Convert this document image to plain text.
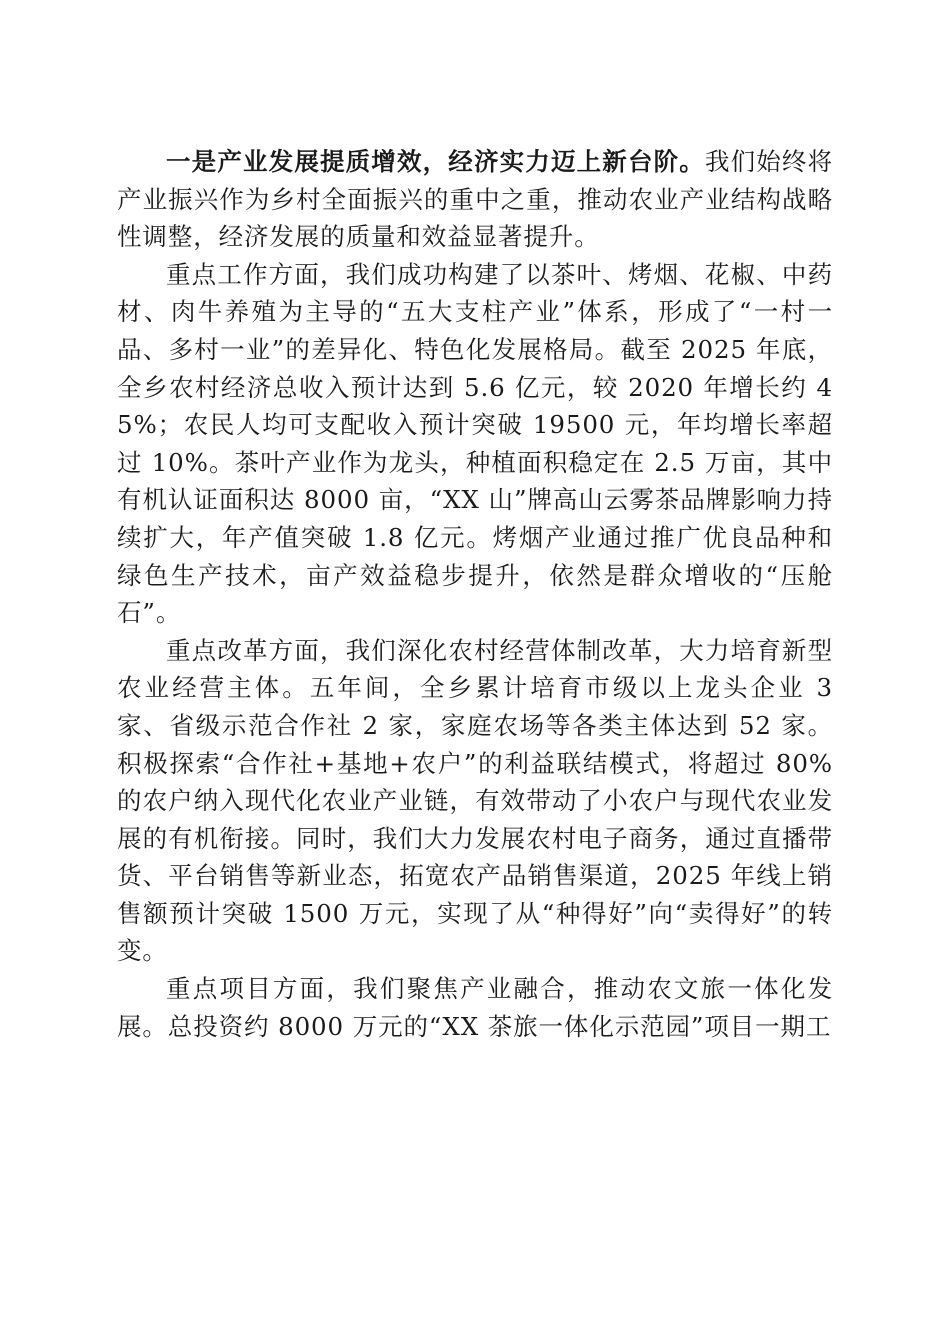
一是产业发展提质增效，经济实力迈上新台阶。我们始终将产业振兴作为乡村全面振兴的重中之重，推动农业产业结构战略性调整，经济发展的质量和效益显著提升。

重点工作方面，我们成功构建了以茶叶、烤烟、花椒、中药材、肉牛养殖为主导的“五大支柱产业”体系，形成了“一村一品、多村一业”的差异化、特色化发展格局。截至 2025 年底，全乡农村经济总收入预计达到 5.6 亿元，较 2020 年增长约 45%；农民人均可支配收入预计突破 19500 元，年均增长率超过 10%。茶叶产业作为龙头，种植面积稳定在 2.5 万亩，其中有机认证面积达 8000 亩，“XX 山”牌高山云雾茶品牌影响力持续扩大，年产值突破 1.8 亿元。烤烟产业通过推广优良品种和绿色生产技术，亩产效益稳步提升，依然是群众增收的“压舱石”。

重点改革方面，我们深化农村经营体制改革，大力培育新型农业经营主体。五年间，全乡累计培育市级以上龙头企业 3 家、省级示范合作社 2 家，家庭农场等各类主体达到 52 家。积极探索“合作社+基地+农户”的利益联结模式，将超过 80%的农户纳入现代化农业产业链，有效带动了小农户与现代农业发展的有机衔接。同时，我们大力发展农村电子商务，通过直播带货、平台销售等新业态，拓宽农产品销售渠道，2025 年线上销售额预计突破 1500 万元，实现了从“种得好”向“卖得好”的转变。

重点项目方面，我们聚焦产业融合，推动农文旅一体化发展。总投资约 8000 万元的“XX 茶旅一体化示范园”项目一期工
